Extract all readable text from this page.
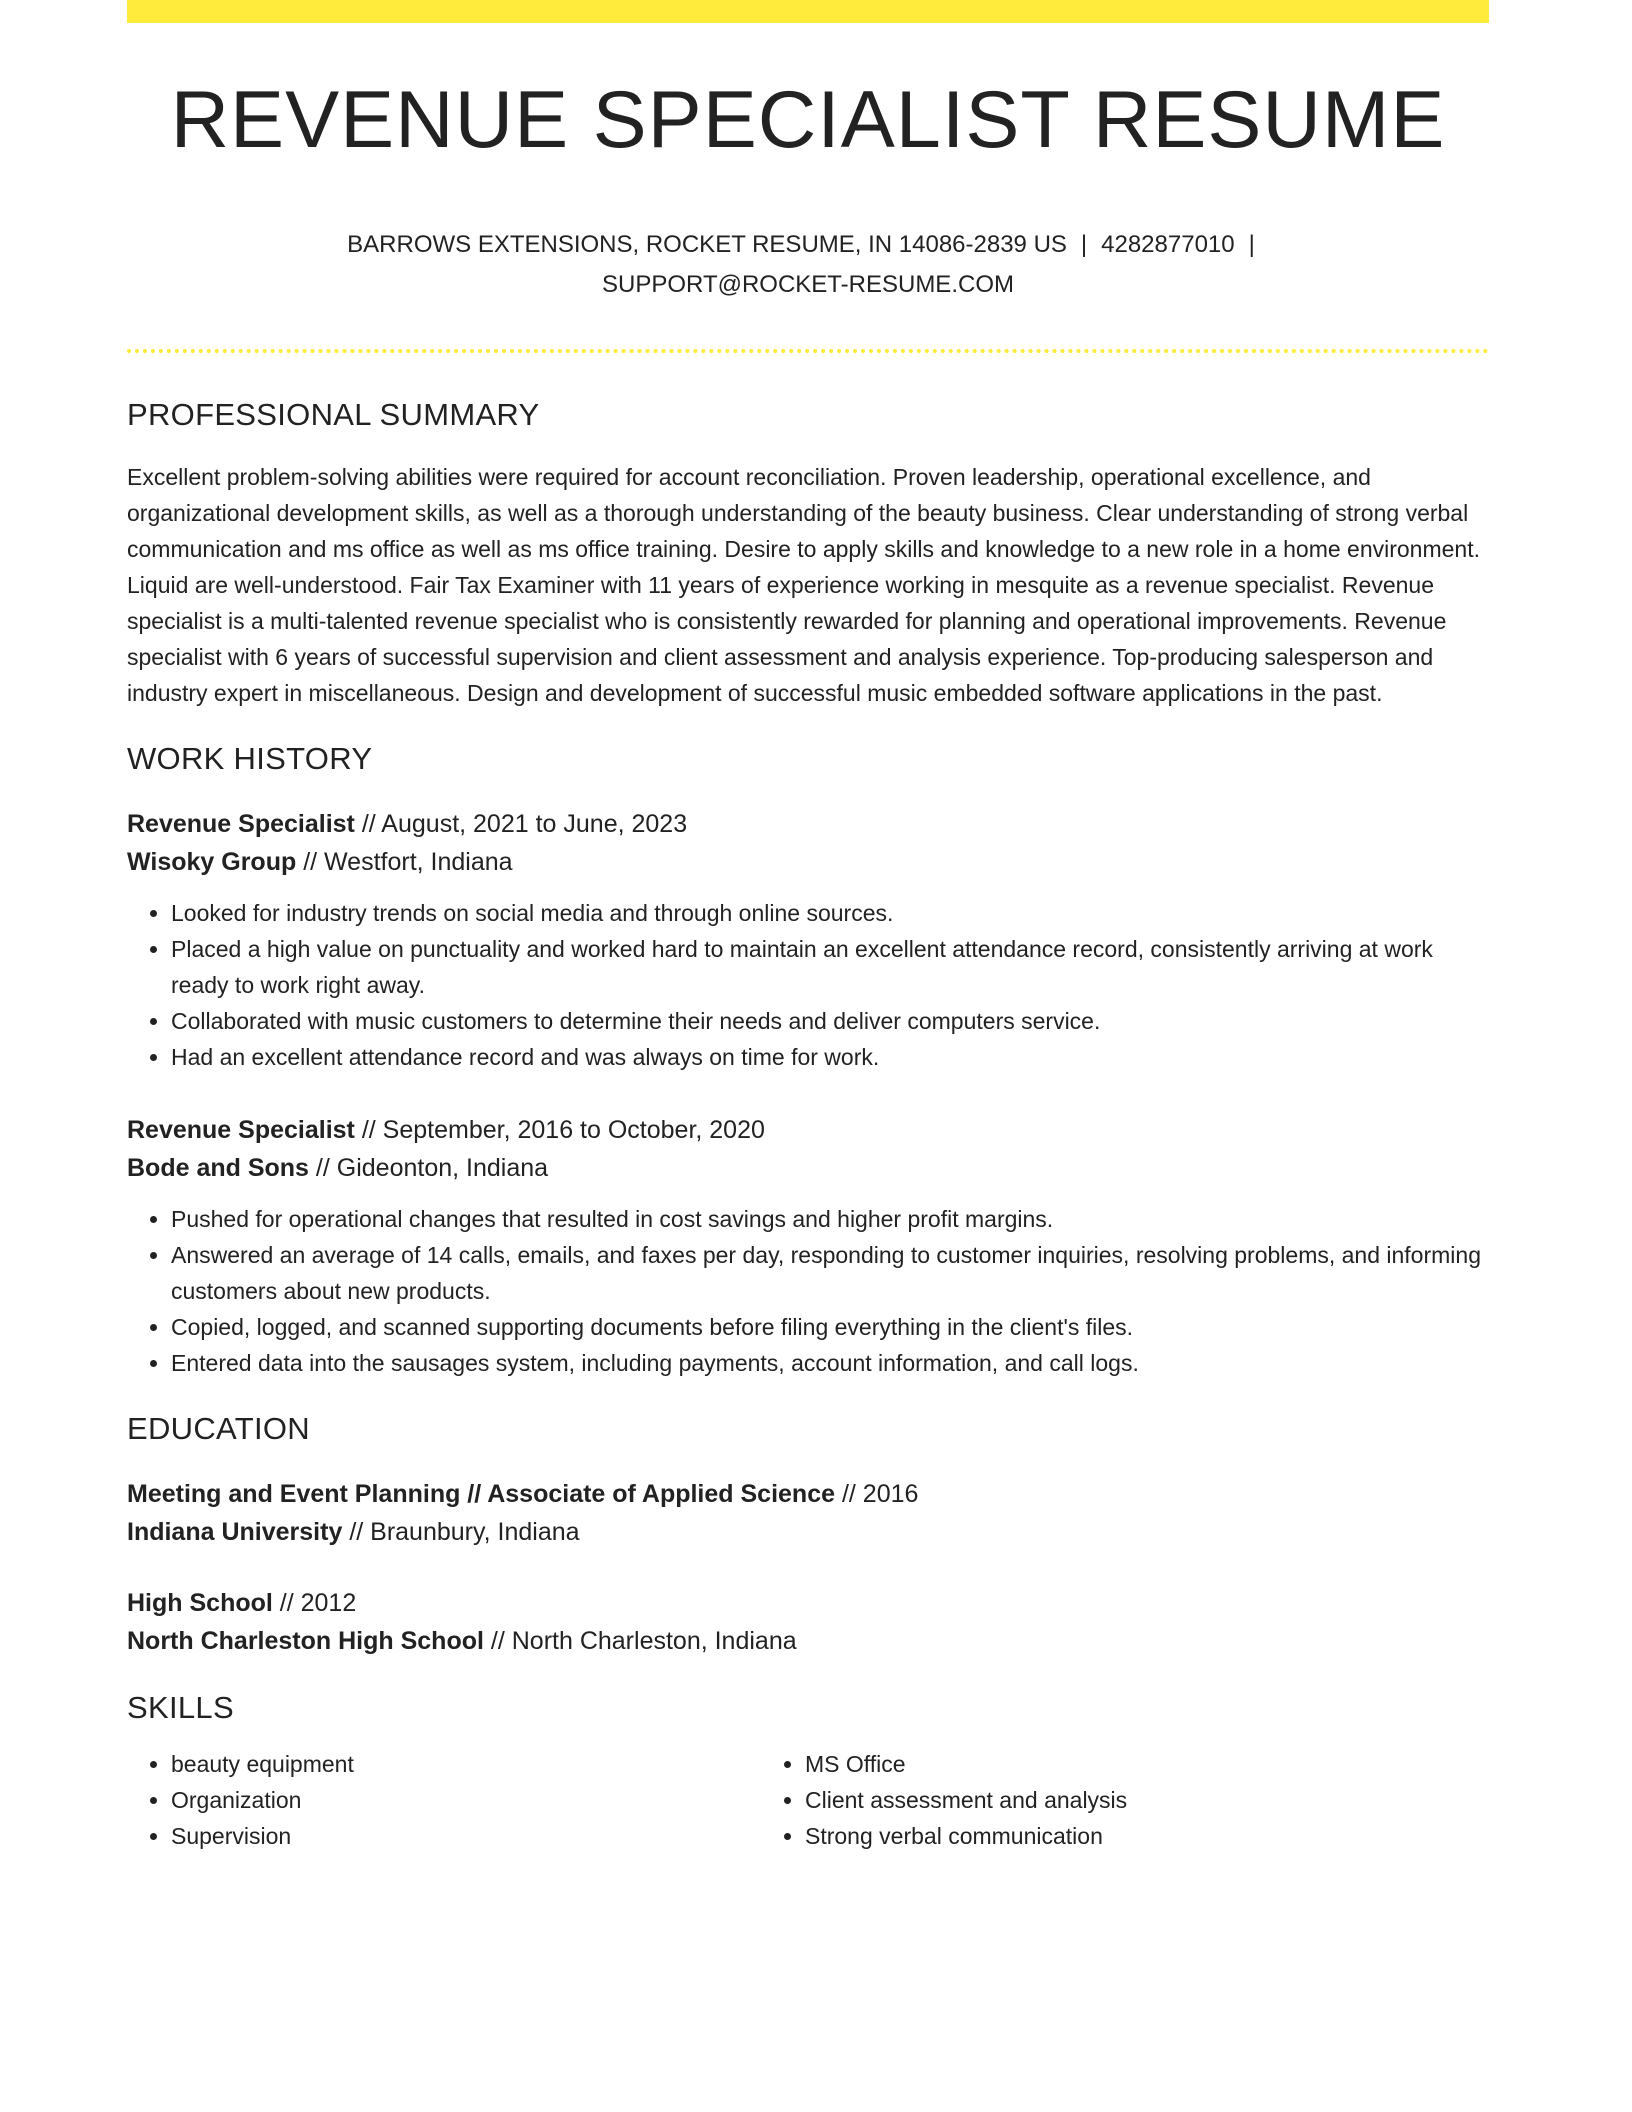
REVENUE SPECIALIST RESUME
BARROWS EXTENSIONS, ROCKET RESUME, IN 14086-2839 US | 4282877010 |
SUPPORT@ROCKET-RESUME.COM
PROFESSIONAL SUMMARY

Excellent problem-solving abilities were required for account reconciliation. Proven leadership, operational excellence, and organizational development skills, as well as a thorough understanding of the beauty business. Clear understanding of strong verbal communication and ms office as well as ms office training. Desire to apply skills and knowledge to a new role in a home environment. Liquid are well-understood. Fair Tax Examiner with 11 years of experience working in mesquite as a revenue specialist. Revenue specialist is a multi-talented revenue specialist who is consistently rewarded for planning and operational improvements. Revenue specialist with 6 years of successful supervision and client assessment and analysis experience. Top-producing salesperson and industry expert in miscellaneous. Design and development of successful music embedded software applications in the past.

WORK HISTORY
Revenue Specialist // August, 2021 to June, 2023
Wisoky Group // Westfort, Indiana
• Looked for industry trends on social media and through online sources.
• Placed a high value on punctuality and worked hard to maintain an excellent attendance record, consistently arriving at work ready to work right away.
• Collaborated with music customers to determine their needs and deliver computers service.
• Had an excellent attendance record and was always on time for work.
Revenue Specialist // September, 2016 to October, 2020
Bode and Sons // Gideonton, Indiana
• Pushed for operational changes that resulted in cost savings and higher profit margins.
• Answered an average of 14 calls, emails, and faxes per day, responding to customer inquiries, resolving problems, and informing customers about new products.
• Copied, logged, and scanned supporting documents before filing everything in the client's files.
• Entered data into the sausages system, including payments, account information, and call logs.
EDUCATION
Meeting and Event Planning // Associate of Applied Science // 2016
Indiana University // Braunbury, Indiana
High School // 2012
North Charleston High School // North Charleston, Indiana
SKILLS
• beauty equipment
• Organization
• Supervision
• MS Office
• Client assessment and analysis
• Strong verbal communication
